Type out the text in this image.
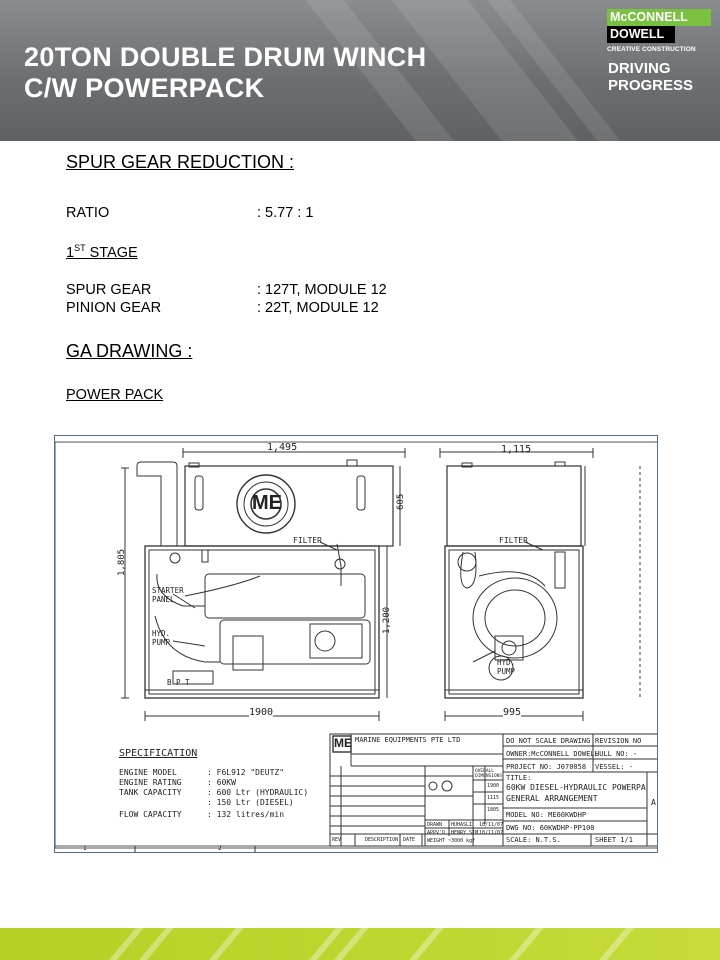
20TON DOUBLE DRUM WINCH
C/W POWERPACK
McCONNELL
DOWELL
CREATIVE CONSTRUCTION
DRIVING
PROGRESS
SPUR GEAR REDUCTION :
RATIO	: 5.77 : 1
1ST STAGE
SPUR GEAR	: 127T, MODULE 12
PINION GEAR	: 22T, MODULE 12
GA DRAWING :
POWER PACK
1,495
1,805
605
1,200
ME
FILTER
STARTER
PANEL
HYD.
PUMP
B P T
1900
1,115
FILTER
HYD.
PUMP
995
SPECIFICATION
ENGINE MODEL	: F6L912 "DEUTZ"
ENGINE RATING	: 60KW
TANK CAPACITY	: 600 Ltr (HYDRAULIC)
: 150 Ltr (DIESEL)
FLOW CAPACITY	: 132 litres/min
ME MARINE EQUIPMENTS PTE LTD	DO NOT SCALE DRAWING REVISION NO
OWNER:McCONNELL DOWELL
HULL NO: -
PROJECT NO: J070058 VESSEL: -
TITLE:
60KW DIESEL-HYDRAULIC POWERPA
GENERAL ARRANGEMENT
MODEL NO: ME60KWDHP
DWG NO: 60KWDHP-PP100
SCALE: N.T.S.	SHEET 1/1
DRAWN HUHASLI 18/11/07
APPV'D HENRY SIM 18/11/07
REV	DESCRIPTION DATE WEIGHT ~3000 kgf
OVERALL DIMENSIONS
1900
1115
1805
1	2
A
